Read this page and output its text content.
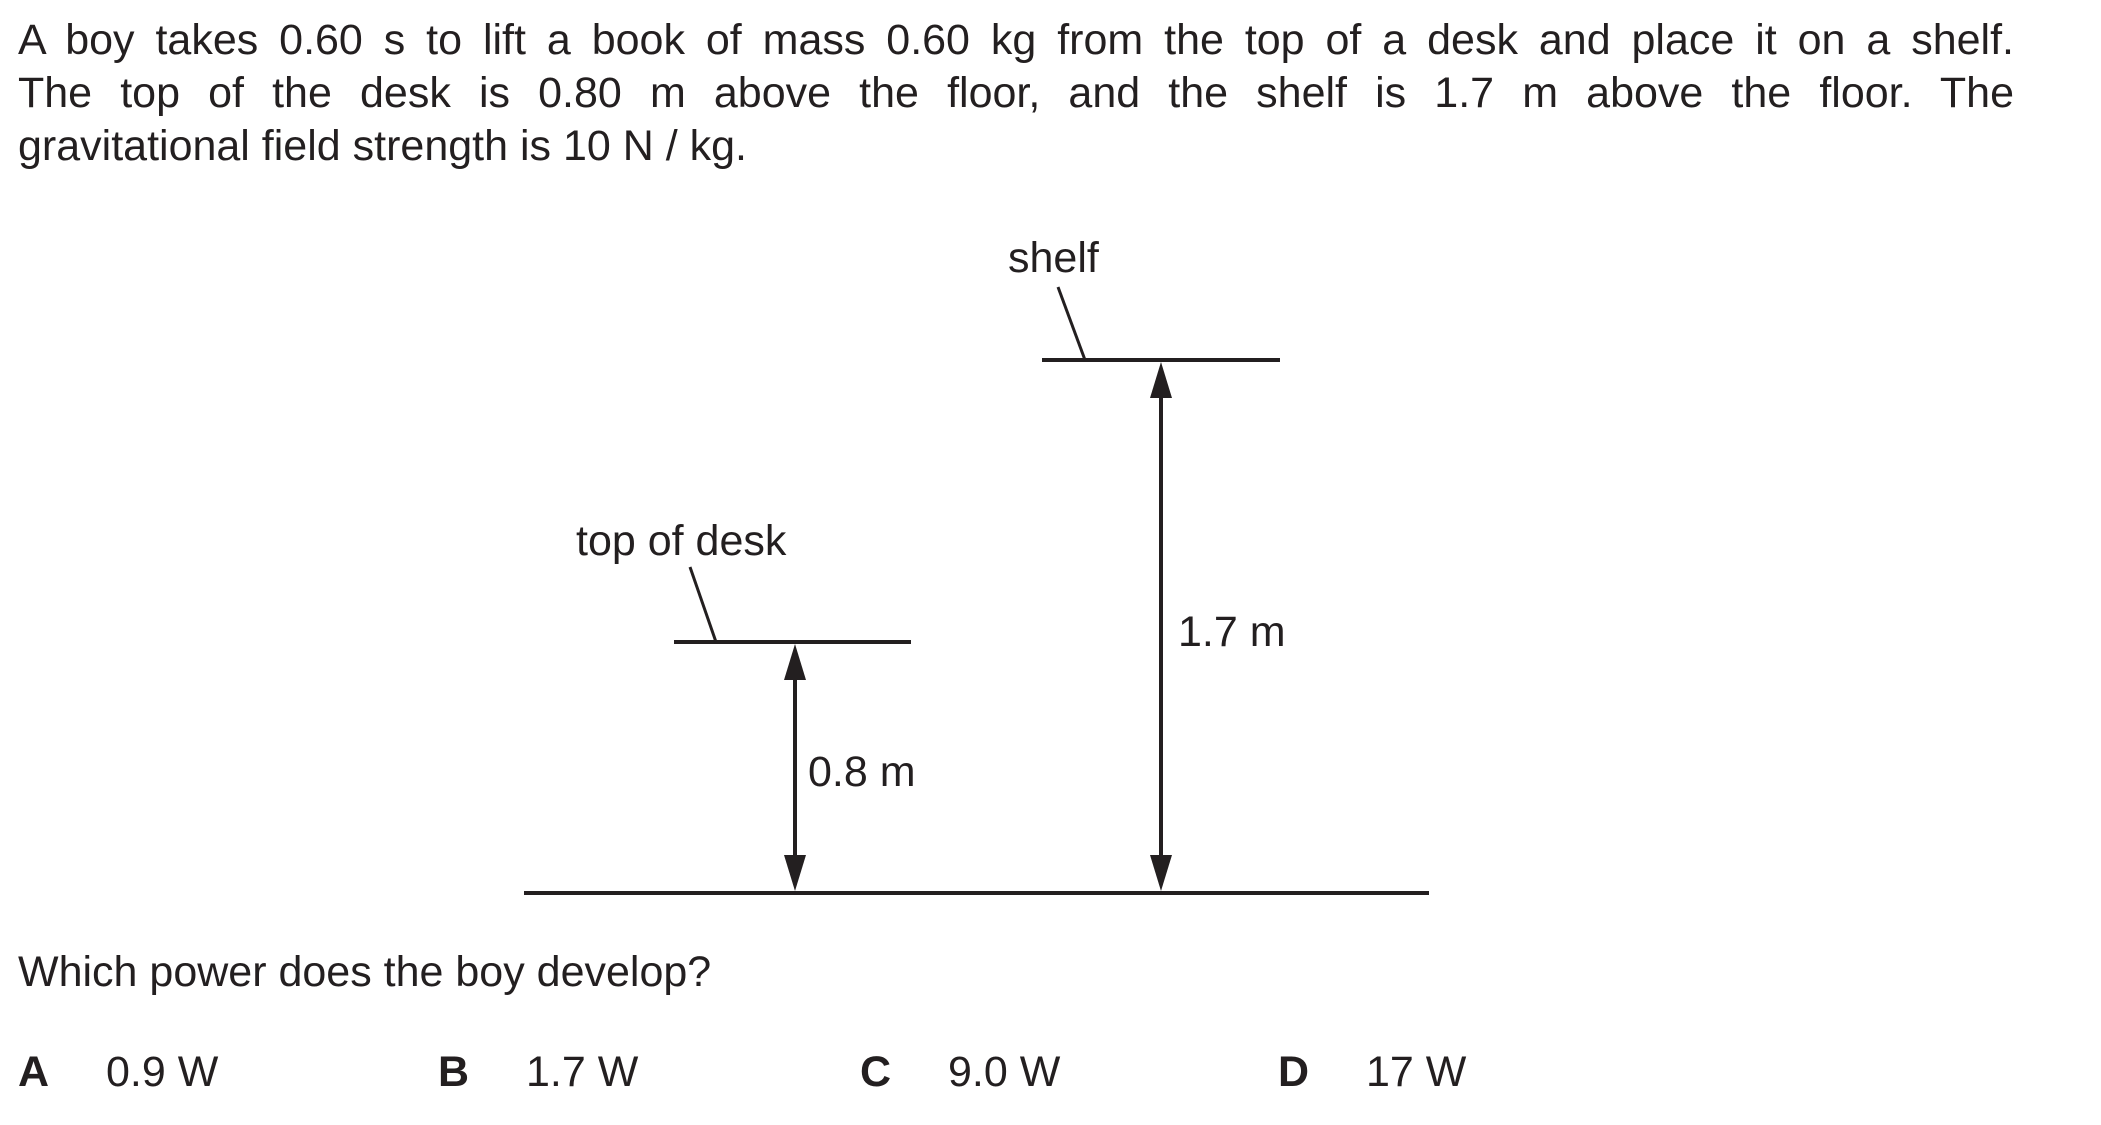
A boy takes 0.60 s to lift a book of mass 0.60 kg from the top of a desk and place it on a shelf.
The top of the desk is 0.80 m above the floor, and the shelf is 1.7 m above the floor. The
gravitational field strength is 10 N / kg.
shelf
top of desk
0.8 m
1.7 m
Which power does the boy develop?
A 0.9 W	B 1.7 W	C 9.0 W	D 17 W
